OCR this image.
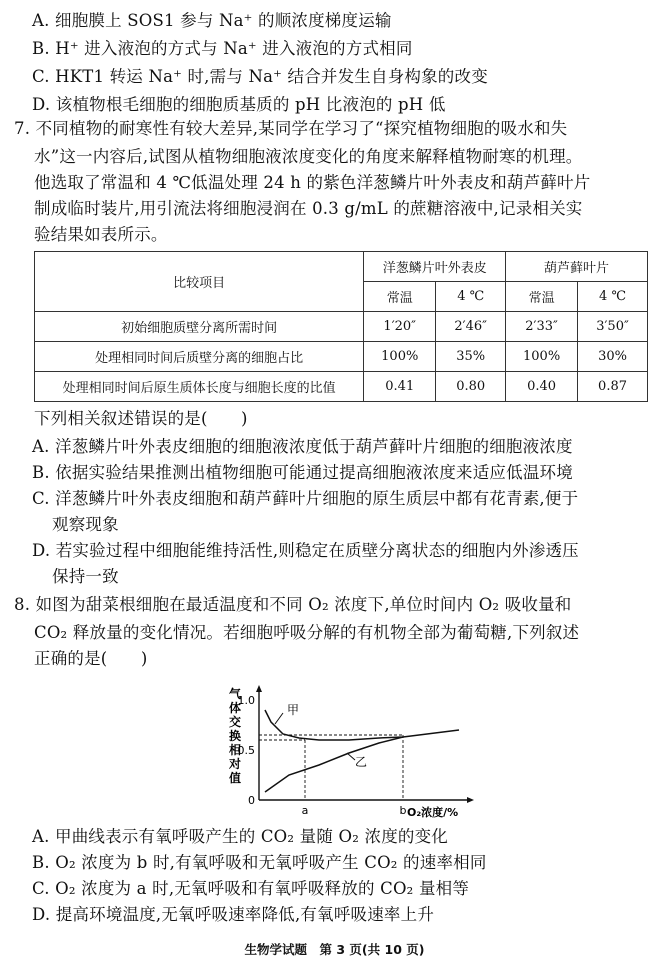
A. 细胞膜上 SOS1 参与 Na⁺ 的顺浓度梯度运输
B. H⁺ 进入液泡的方式与 Na⁺ 进入液泡的方式相同
C. HKT1 转运 Na⁺ 时,需与 Na⁺ 结合并发生自身构象的改变
D. 该植物根毛细胞的细胞质基质的 pH 比液泡的 pH 低
7. 不同植物的耐寒性有较大差异,某同学在学习了“探究植物细胞的吸水和失
水”这一内容后,试图从植物细胞液浓度变化的角度来解释植物耐寒的机理。
他选取了常温和 4 ℃低温处理 24 h 的紫色洋葱鳞片叶外表皮和葫芦藓叶片
制成临时装片,用引流法将细胞浸润在 0.3 g/mL 的蔗糖溶液中,记录相关实
验结果如表所示。
比较项目	洋葱鳞片叶外表皮		葫芦藓叶片	
	常温	4 ℃	常温	4 ℃
初始细胞质壁分离所需时间	1′20″	2′46″	2′33″	3′50″
处理相同时间后质壁分离的细胞占比	100%	35%	100%	30%
处理相同时间后原生质体长度与细胞长度的比值	0.41	0.80	0.40	0.87
下列相关叙述错误的是(　　)
A. 洋葱鳞片叶外表皮细胞的细胞液浓度低于葫芦藓叶片细胞的细胞液浓度
B. 依据实验结果推测出植物细胞可能通过提高细胞液浓度来适应低温环境
C. 洋葱鳞片叶外表皮细胞和葫芦藓叶片细胞的原生质层中都有花青素,便于
观察现象
D. 若实验过程中细胞能维持活性,则稳定在质壁分离状态的细胞内外渗透压
保持一致
8. 如图为甜菜根细胞在最适温度和不同 O₂ 浓度下,单位时间内 O₂ 吸收量和
CO₂ 释放量的变化情况。若细胞呼吸分解的有机物全部为葡萄糖,下列叙述
正确的是(　　)
气
体
交
换
相
对
值
1.0
0.5
0
甲
乙
a	b O₂浓度/%
A. 甲曲线表示有氧呼吸产生的 CO₂ 量随 O₂ 浓度的变化
B. O₂ 浓度为 b 时,有氧呼吸和无氧呼吸产生 CO₂ 的速率相同
C. O₂ 浓度为 a 时,无氧呼吸和有氧呼吸释放的 CO₂ 量相等
D. 提高环境温度,无氧呼吸速率降低,有氧呼吸速率上升
生物学试题　第 3 页(共 10 页)
